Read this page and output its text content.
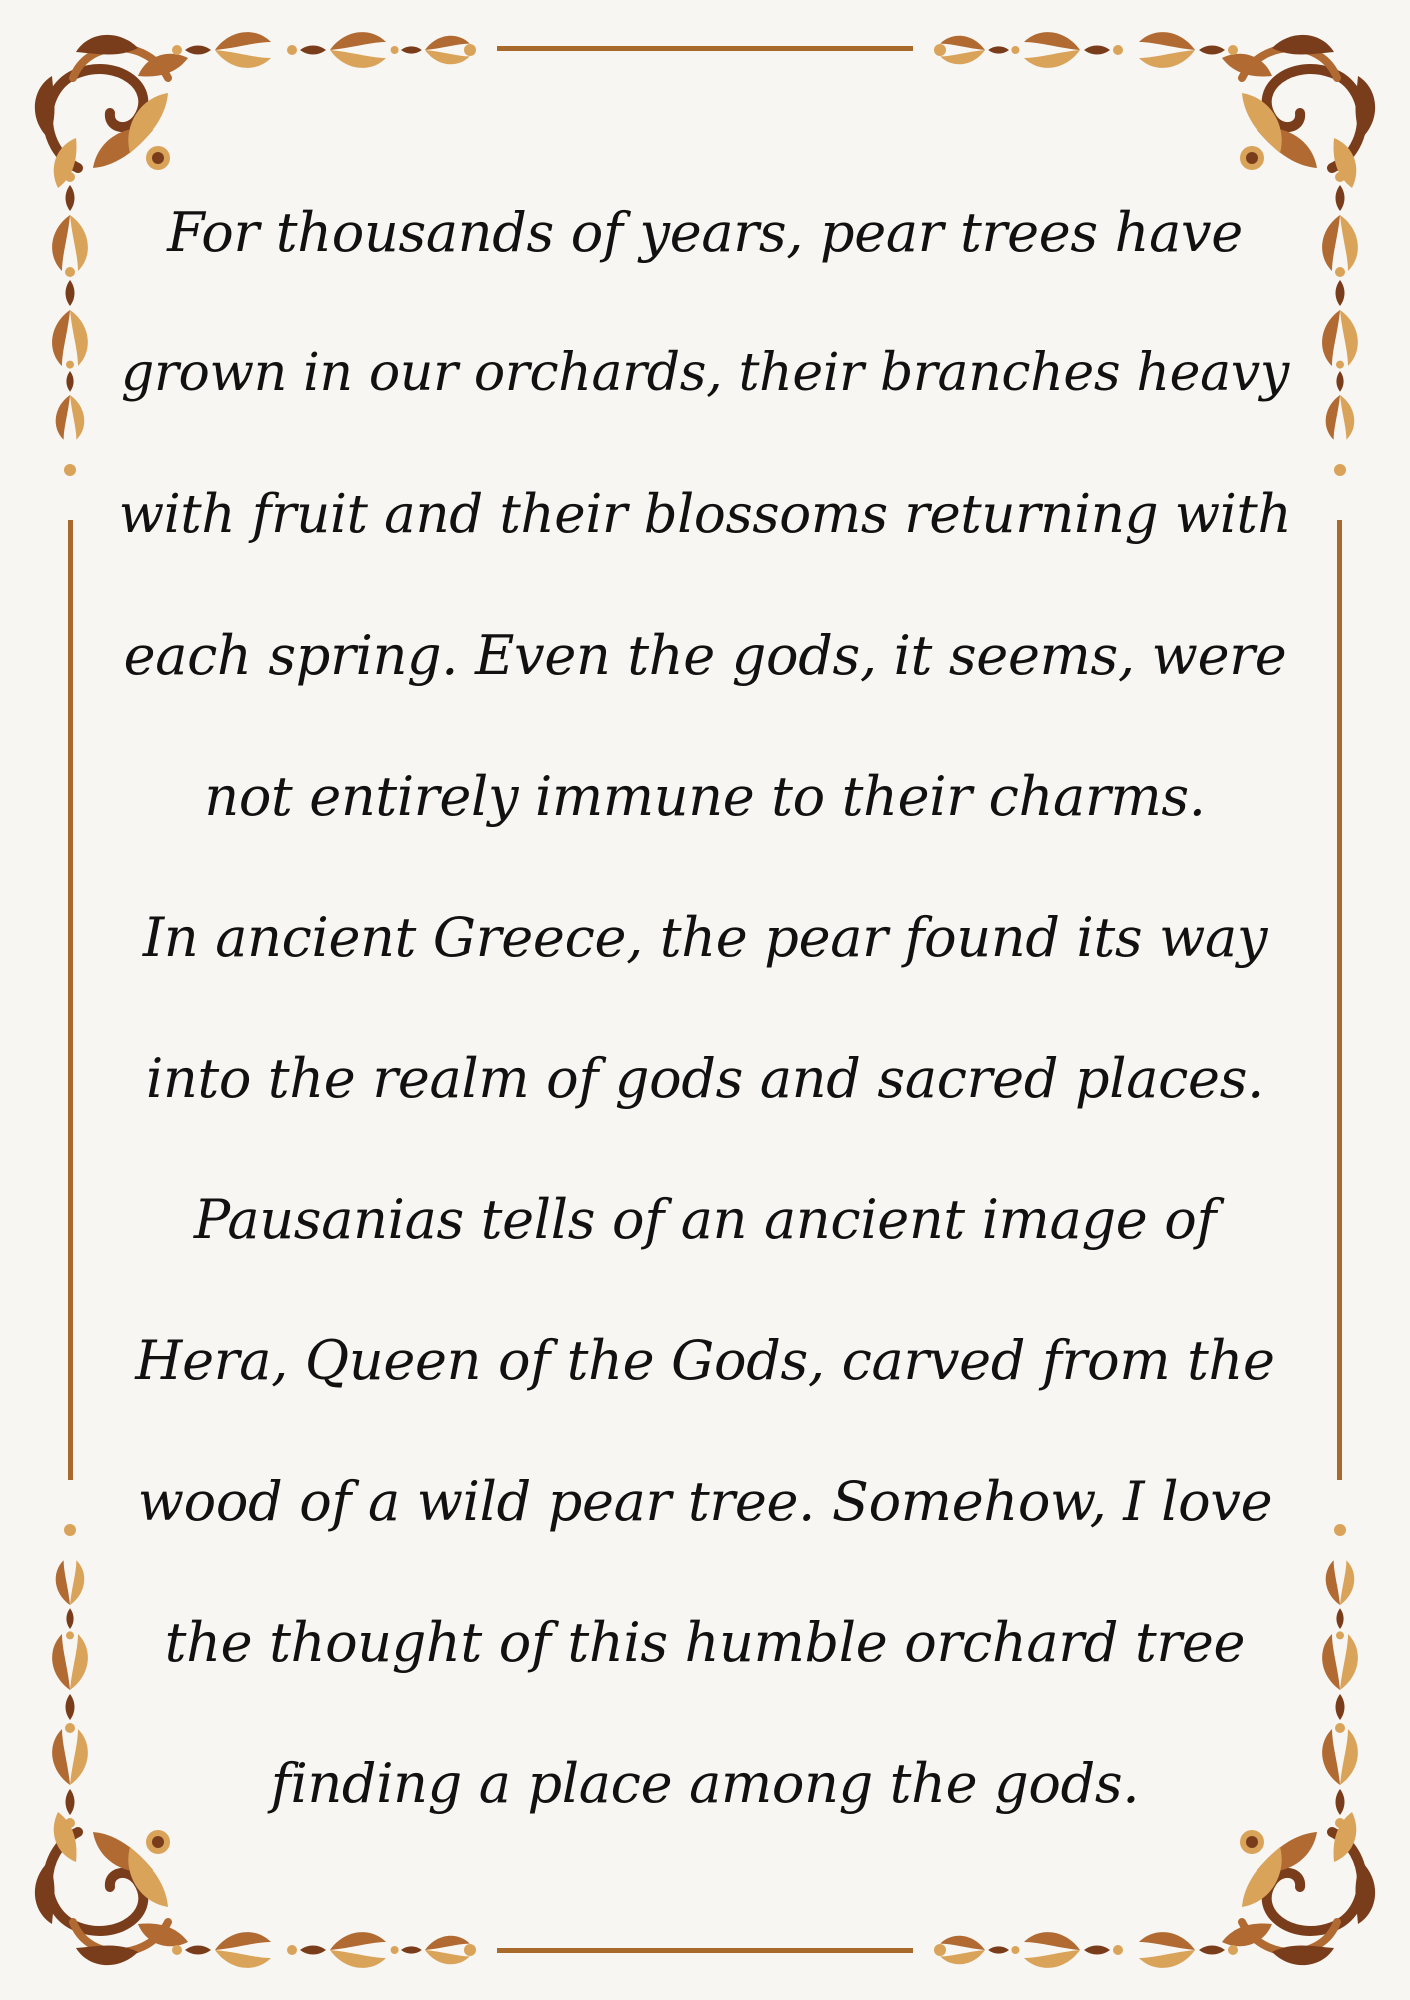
For thousands of years, pear trees have
grown in our orchards, their branches heavy
with fruit and their blossoms returning with
each spring. Even the gods, it seems, were
not entirely immune to their charms.
In ancient Greece, the pear found its way
into the realm of gods and sacred places.
Pausanias tells of an ancient image of
Hera, Queen of the Gods, carved from the
wood of a wild pear tree. Somehow, I love
the thought of this humble orchard tree
finding a place among the gods.
